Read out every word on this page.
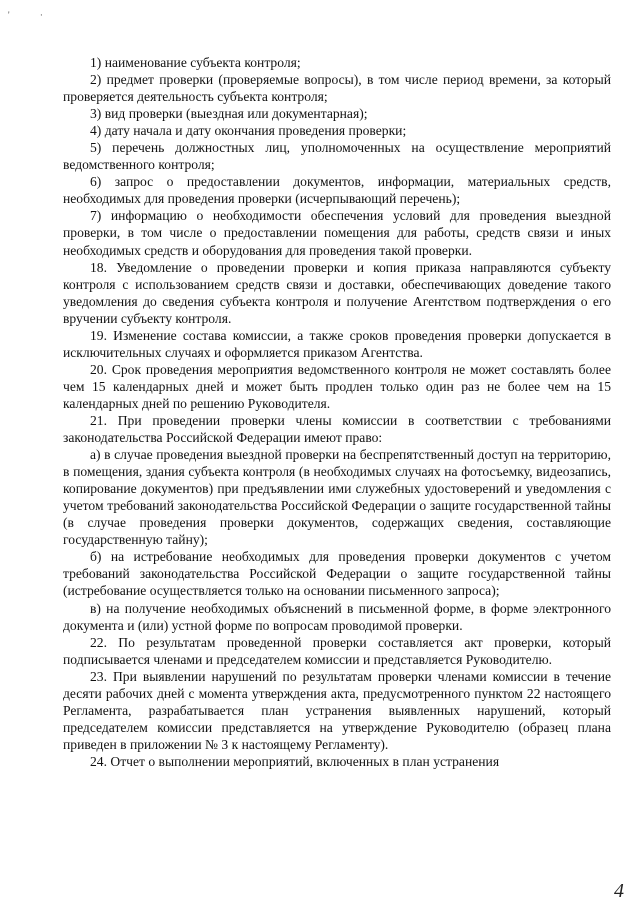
' ·

1) наименование субъекта контроля;

2) предмет проверки (проверяемые вопросы), в том числе период времени, за который проверяется деятельность субъекта контроля;

3) вид проверки (выездная или документарная);

4) дату начала и дату окончания проведения проверки;

5) перечень должностных лиц, уполномоченных на осуществление мероприятий ведомственного контроля;

6) запрос о предоставлении документов, информации, материальных средств, необходимых для проведения проверки (исчерпывающий перечень);

7) информацию о необходимости обеспечения условий для проведения выездной проверки, в том числе о предоставлении помещения для работы, средств связи и иных необходимых средств и оборудования для проведения такой проверки.

18. Уведомление о проведении проверки и копия приказа направляются субъекту контроля с использованием средств связи и доставки, обеспечивающих доведение такого уведомления до сведения субъекта контроля и получение Агентством подтверждения о его вручении субъекту контроля.

19. Изменение состава комиссии, а также сроков проведения проверки допускается в исключительных случаях и оформляется приказом Агентства.

20. Срок проведения мероприятия ведомственного контроля не может составлять более чем 15 календарных дней и может быть продлен только один раз не более чем на 15 календарных дней по решению Руководителя.

21. При проведении проверки члены комиссии в соответствии с требованиями законодательства Российской Федерации имеют право:

а) в случае проведения выездной проверки на беспрепятственный доступ на территорию, в помещения, здания субъекта контроля (в необходимых случаях на фотосъемку, видеозапись, копирование документов) при предъявлении ими служебных удостоверений и уведомления с учетом требований законодательства Российской Федерации о защите государственной тайны (в случае проведения проверки документов, содержащих сведения, составляющие государственную тайну);

б) на истребование необходимых для проведения проверки документов с учетом требований законодательства Российской Федерации о защите государственной тайны (истребование осуществляется только на основании письменного запроса);

в) на получение необходимых объяснений в письменной форме, в форме электронного документа и (или) устной форме по вопросам проводимой проверки.

22. По результатам проведенной проверки составляется акт проверки, который подписывается членами и председателем комиссии и представляется Руководителю.

23. При выявлении нарушений по результатам проверки членами комиссии в течение десяти рабочих дней с момента утверждения акта, предусмотренного пунктом 22 настоящего Регламента, разрабатывается план устранения выявленных нарушений, который председателем комиссии представляется на утверждение Руководителю (образец плана приведен в приложении № 3 к настоящему Регламенту).

24. Отчет о выполнении мероприятий, включенных в план устранения

4
